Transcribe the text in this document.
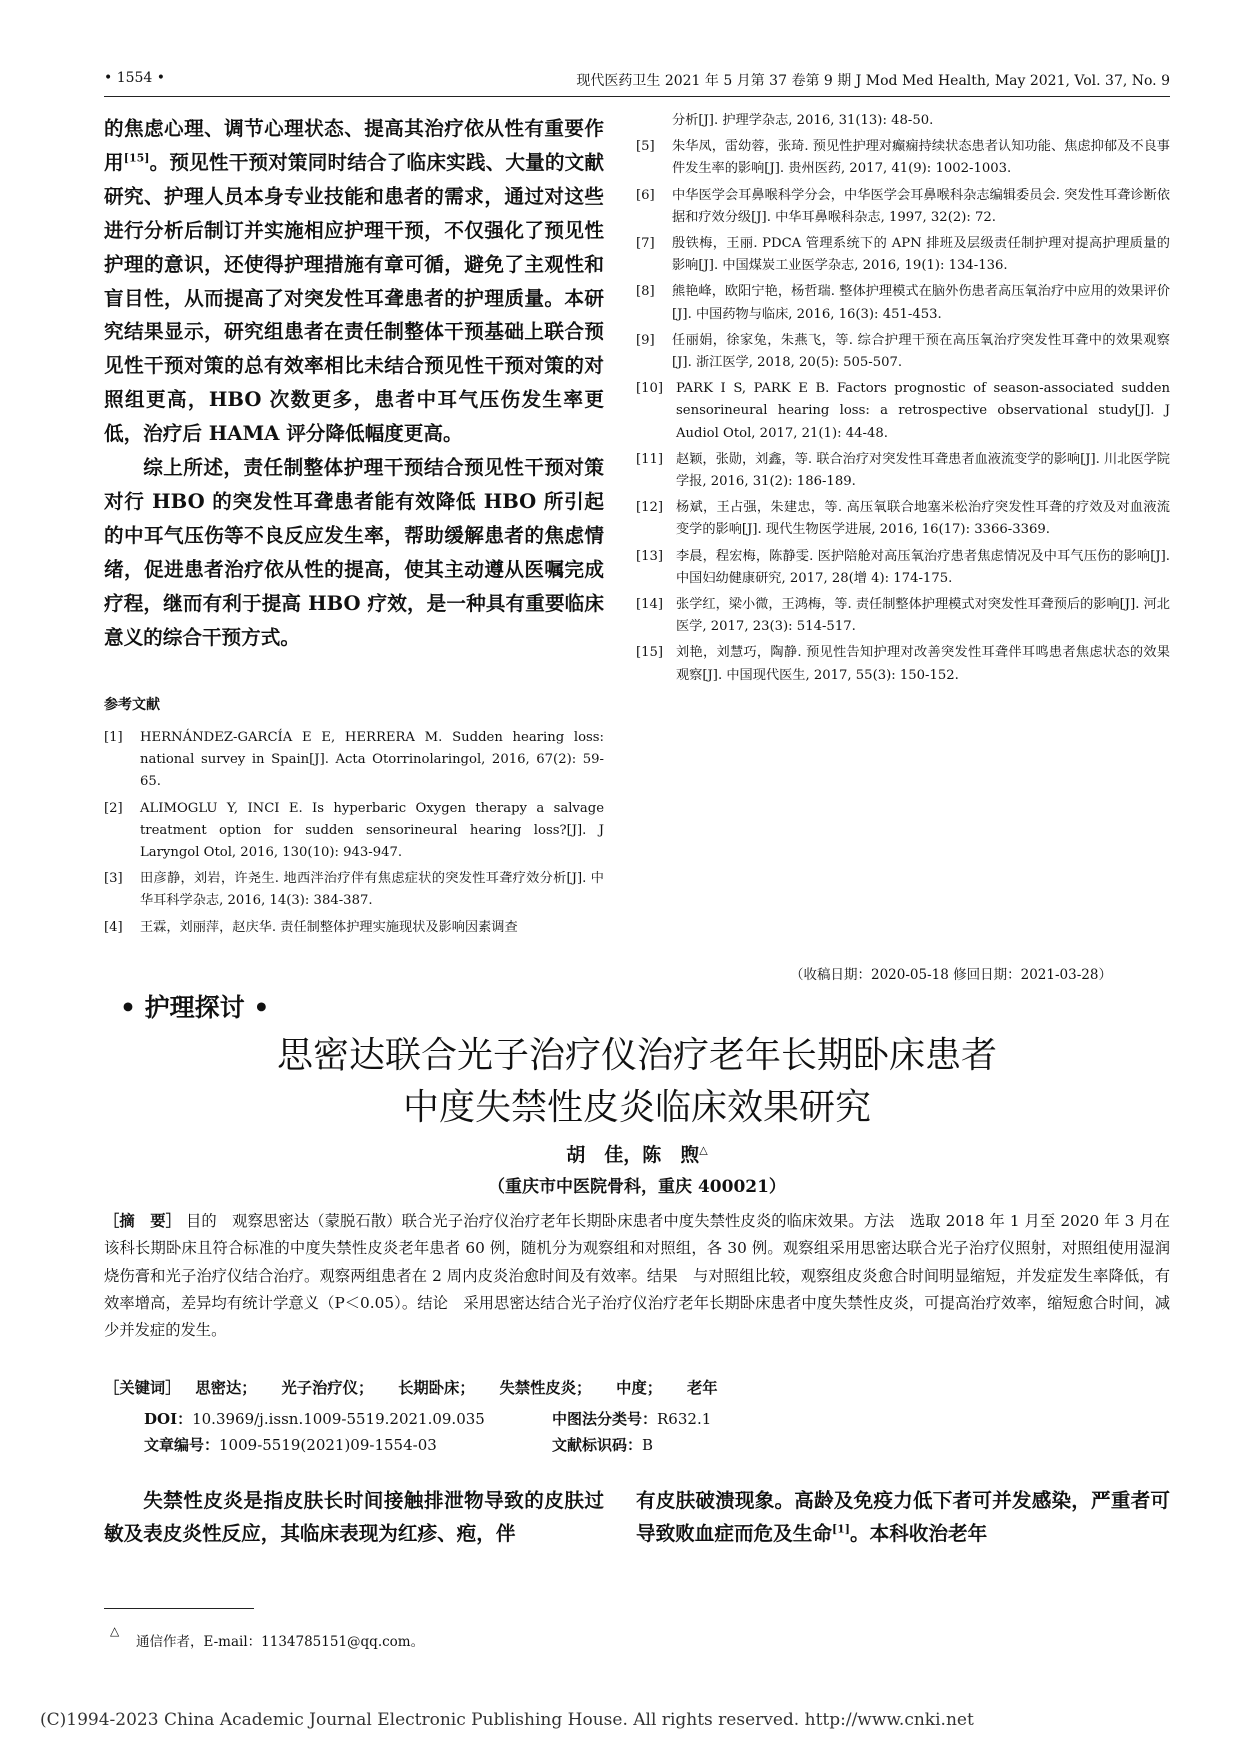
• 1554 •	现代医药卫生 2021 年 5 月第 37 卷第 9 期 J Mod Med Health, May 2021, Vol. 37, No. 9

的焦虑心理、调节心理状态、提高其治疗依从性有重要作用[15]。预见性干预对策同时结合了临床实践、大量的文献研究、护理人员本身专业技能和患者的需求，通过对这些进行分析后制订并实施相应护理干预，不仅强化了预见性护理的意识，还使得护理措施有章可循，避免了主观性和盲目性，从而提高了对突发性耳聋患者的护理质量。本研究结果显示，研究组患者在责任制整体干预基础上联合预见性干预对策的总有效率相比未结合预见性干预对策的对照组更高，HBO 次数更多，患者中耳气压伤发生率更低，治疗后 HAMA 评分降低幅度更高。

综上所述，责任制整体护理干预结合预见性干预对策对行 HBO 的突发性耳聋患者能有效降低 HBO 所引起的中耳气压伤等不良反应发生率，帮助缓解患者的焦虑情绪，促进患者治疗依从性的提高，使其主动遵从医嘱完成疗程，继而有利于提高 HBO 疗效，是一种具有重要临床意义的综合干预方式。

参考文献
[1]	HERNÁNDEZ-GARCÍA E E, HERRERA M. Sudden hearing loss: national survey in Spain[J]. Acta Otorrinolaringol, 2016, 67(2): 59-65.
[2]	ALIMOGLU Y, INCI E. Is hyperbaric Oxygen therapy a salvage treatment option for sudden sensorineural hearing loss?[J]. J Laryngol Otol, 2016, 130(10): 943-947.
[3]	田彦静，刘岩，许尧生. 地西泮治疗伴有焦虑症状的突发性耳聋疗效分析[J]. 中华耳科学杂志, 2016, 14(3): 384-387.
[4]	王霖，刘丽萍，赵庆华. 责任制整体护理实施现状及影响因素调查
分析[J]. 护理学杂志, 2016, 31(13): 48-50.
[5]	朱华凤，雷幼蓉，张琦. 预见性护理对癫痫持续状态患者认知功能、焦虑抑郁及不良事件发生率的影响[J]. 贵州医药, 2017, 41(9): 1002-1003.
[6]	中华医学会耳鼻喉科学分会，中华医学会耳鼻喉科杂志编辑委员会. 突发性耳聋诊断依据和疗效分级[J]. 中华耳鼻喉科杂志, 1997, 32(2): 72.
[7]	殷铁梅，王丽. PDCA 管理系统下的 APN 排班及层级责任制护理对提高护理质量的影响[J]. 中国煤炭工业医学杂志, 2016, 19(1): 134-136.
[8]	熊艳峰，欧阳宁艳，杨哲瑞. 整体护理模式在脑外伤患者高压氧治疗中应用的效果评价[J]. 中国药物与临床, 2016, 16(3): 451-453.
[9]	任丽娟，徐家兔，朱燕飞，等. 综合护理干预在高压氧治疗突发性耳聋中的效果观察[J]. 浙江医学, 2018, 20(5): 505-507.
[10] PARK I S, PARK E B. Factors prognostic of season-associated sudden sensorineural hearing loss: a retrospective observational study[J]. J Audiol Otol, 2017, 21(1): 44-48.
[11] 赵颖，张勋，刘鑫，等. 联合治疗对突发性耳聋患者血液流变学的影响[J]. 川北医学院学报, 2016, 31(2): 186-189.
[12] 杨斌，王占强，朱建忠，等. 高压氧联合地塞米松治疗突发性耳聋的疗效及对血液流变学的影响[J]. 现代生物医学进展, 2016, 16(17): 3366-3369.
[13] 李晨，程宏梅，陈静雯. 医护陪舱对高压氧治疗患者焦虑情况及中耳气压伤的影响[J]. 中国妇幼健康研究, 2017, 28(增 4): 174-175.
[14] 张学红，梁小微，王鸿梅，等. 责任制整体护理模式对突发性耳聋预后的影响[J]. 河北医学, 2017, 23(3): 514-517.
[15] 刘艳，刘慧巧，陶静. 预见性告知护理对改善突发性耳聋伴耳鸣患者焦虑状态的效果观察[J]. 中国现代医生, 2017, 55(3): 150-152.
（收稿日期：2020-05-18 修回日期：2021-03-28）
• 护理探讨 •
思密达联合光子治疗仪治疗老年长期卧床患者
中度失禁性皮炎临床效果研究
胡　佳，陈　煦△
（重庆市中医院骨科，重庆 400021）
［摘　要］ 目的　观察思密达（蒙脱石散）联合光子治疗仪治疗老年长期卧床患者中度失禁性皮炎的临床效果。方法　选取 2018 年 1 月至 2020 年 3 月在该科长期卧床且符合标准的中度失禁性皮炎老年患者 60 例，随机分为观察组和对照组，各 30 例。观察组采用思密达联合光子治疗仪照射，对照组使用湿润烧伤膏和光子治疗仪结合治疗。观察两组患者在 2 周内皮炎治愈时间及有效率。结果　与对照组比较，观察组皮炎愈合时间明显缩短，并发症发生率降低，有效率增高，差异均有统计学意义（P＜0.05）。结论　采用思密达结合光子治疗仪治疗老年长期卧床患者中度失禁性皮炎，可提高治疗效率，缩短愈合时间，减少并发症的发生。
［关键词］ 思密达； 光子治疗仪； 长期卧床； 失禁性皮炎； 中度； 老年
DOI：10.3969/j.issn.1009-5519.2021.09.035	中图法分类号：R632.1
文章编号：1009-5519(2021)09-1554-03	文献标识码：B

失禁性皮炎是指皮肤长时间接触排泄物导致的皮肤过敏及表皮炎性反应，其临床表现为红疹、疱，伴

有皮肤破溃现象。高龄及免疫力低下者可并发感染，严重者可导致败血症而危及生命[1]。本科收治老年

△
通信作者，E-mail：1134785151@qq.com。
(C)1994-2023 China Academic Journal Electronic Publishing House. All rights reserved. http://www.cnki.net
